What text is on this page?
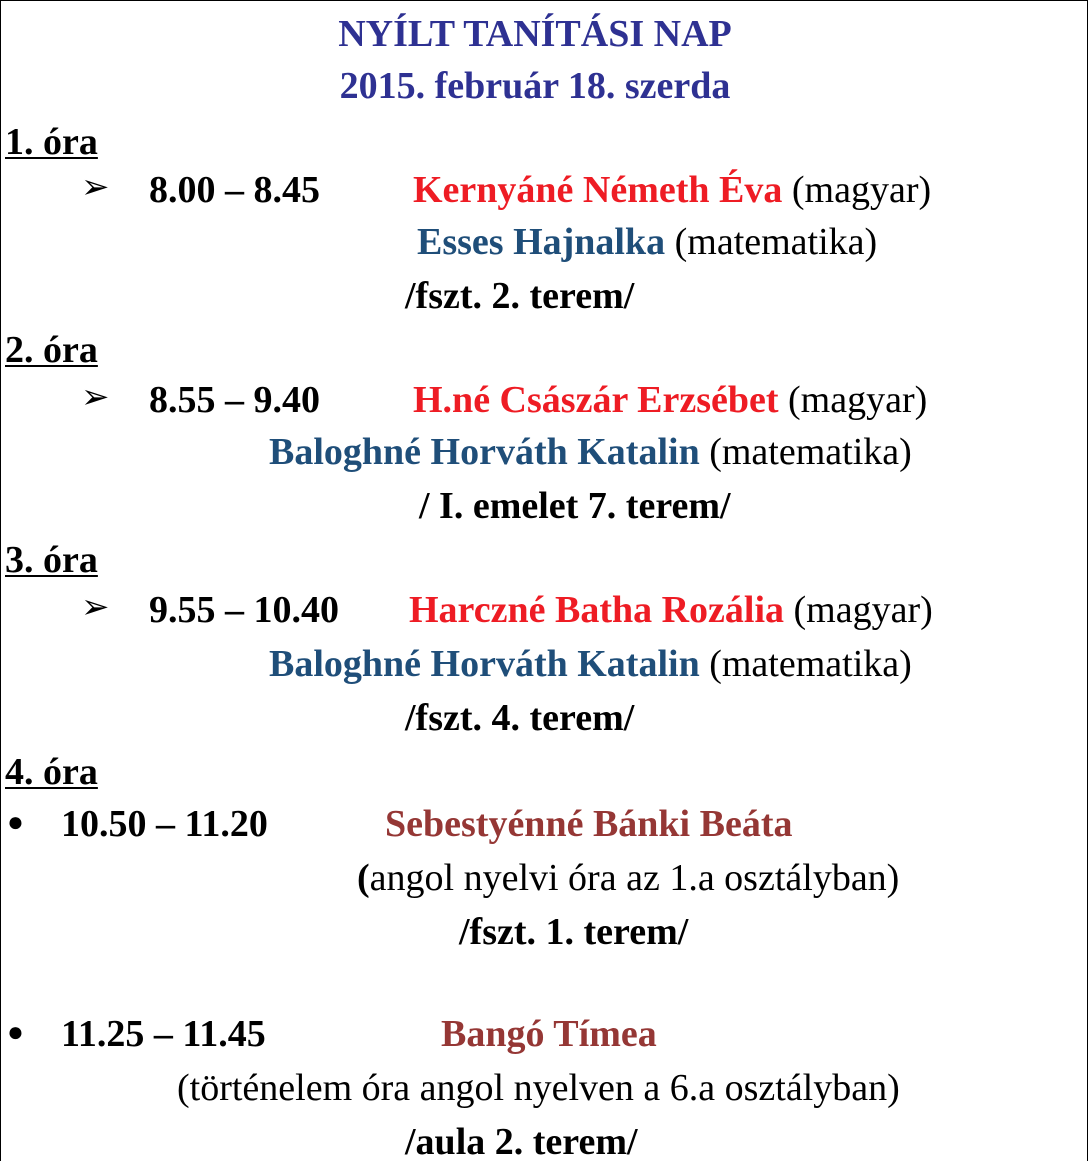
NYÍLT TANÍTÁSI NAP
2015. február 18. szerda
1. óra
➢ 8.00 – 8.45 Kernyáné Németh Éva (magyar)
Esses Hajnalka (matematika)
/fszt. 2. terem/
2. óra
➢ 8.55 – 9.40 H.né Császár Erzsébet (magyar)
Baloghné Horváth Katalin (matematika)
/ I. emelet 7. terem/
3. óra
➢ 9.55 – 10.40 Harczné Batha Rozália (magyar)
Baloghné Horváth Katalin (matematika)
/fszt. 4. terem/
4. óra
● 10.50 – 11.20	Sebestyénné Bánki Beáta
(angol nyelvi óra az 1.a osztályban)
/fszt. 1. terem/
● 11.25 – 11.45	Bangó Tímea
(történelem óra angol nyelven a 6.a osztályban)
/aula 2. terem/
